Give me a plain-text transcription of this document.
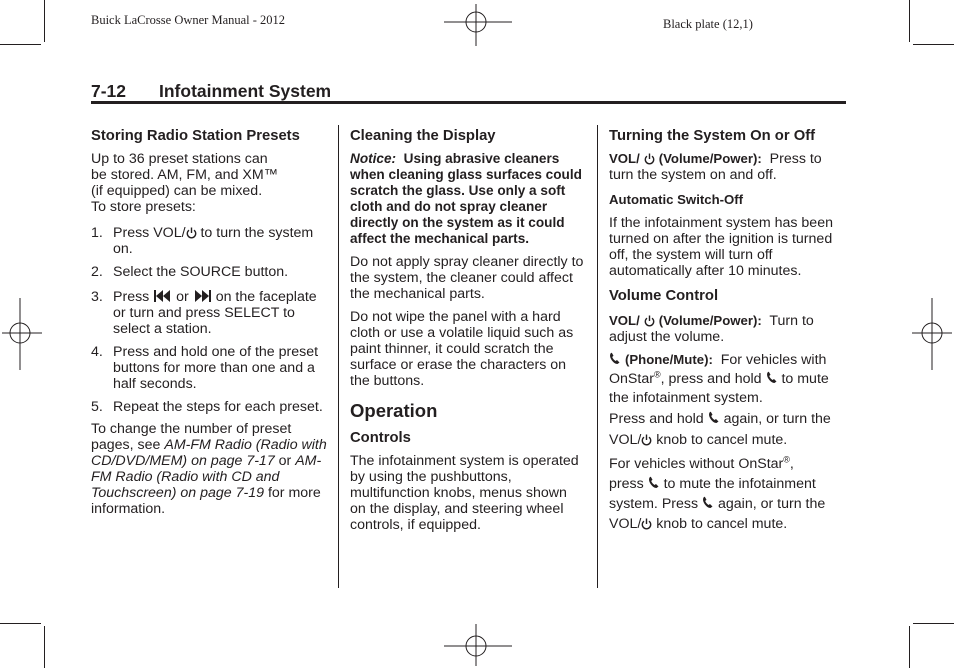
Buick LaCrosse Owner Manual - 2012	Black plate (12,1)
7-12 Infotainment System
Storing Radio Station Presets

Up to 36 preset stations can
be stored. AM, FM, and XM™
(if equipped) can be mixed.
To store presets:

1. Press VOL/
to turn the system on.
2. Select the SOURCE button.
3. Press or on the faceplate or turn and press SELECT to select a station.
4. Press and hold one of the preset buttons for more than one and a half seconds.
5. Repeat the steps for each preset.

To change the number of preset pages, see AM-FM Radio (Radio with CD/DVD/MEM) on page 7-17 or AM-FM Radio (Radio with CD and Touchscreen) on page 7-19 for more information.

Cleaning the Display

Notice: Using abrasive cleaners when cleaning glass surfaces could scratch the glass. Use only a soft cloth and do not spray cleaner directly on the system as it could affect the mechanical parts.

Do not apply spray cleaner directly to the system, the cleaner could affect the mechanical parts.

Do not wipe the panel with a hard cloth or use a volatile liquid such as paint thinner, it could scratch the surface or erase the characters on the buttons.

Operation
Controls

The infotainment system is operated by using the pushbuttons, multifunction knobs, menus shown on the display, and steering wheel controls, if equipped.

Turning the System On or Off

VOL/ (Volume/Power): Press to turn the system on and off.

Automatic Switch-Off

If the infotainment system has been turned on after the ignition is turned off, the system will turn off automatically after 10 minutes.

Volume Control

VOL/ (Volume/Power): Turn to adjust the volume.

(Phone/Mute): For vehicles with OnStar®, press and hold to mute the infotainment system.

Press and hold again, or turn the VOL/ knob to cancel mute.

For vehicles without OnStar®,
press to mute the infotainment system. Press again, or turn the VOL/ knob to cancel mute.
